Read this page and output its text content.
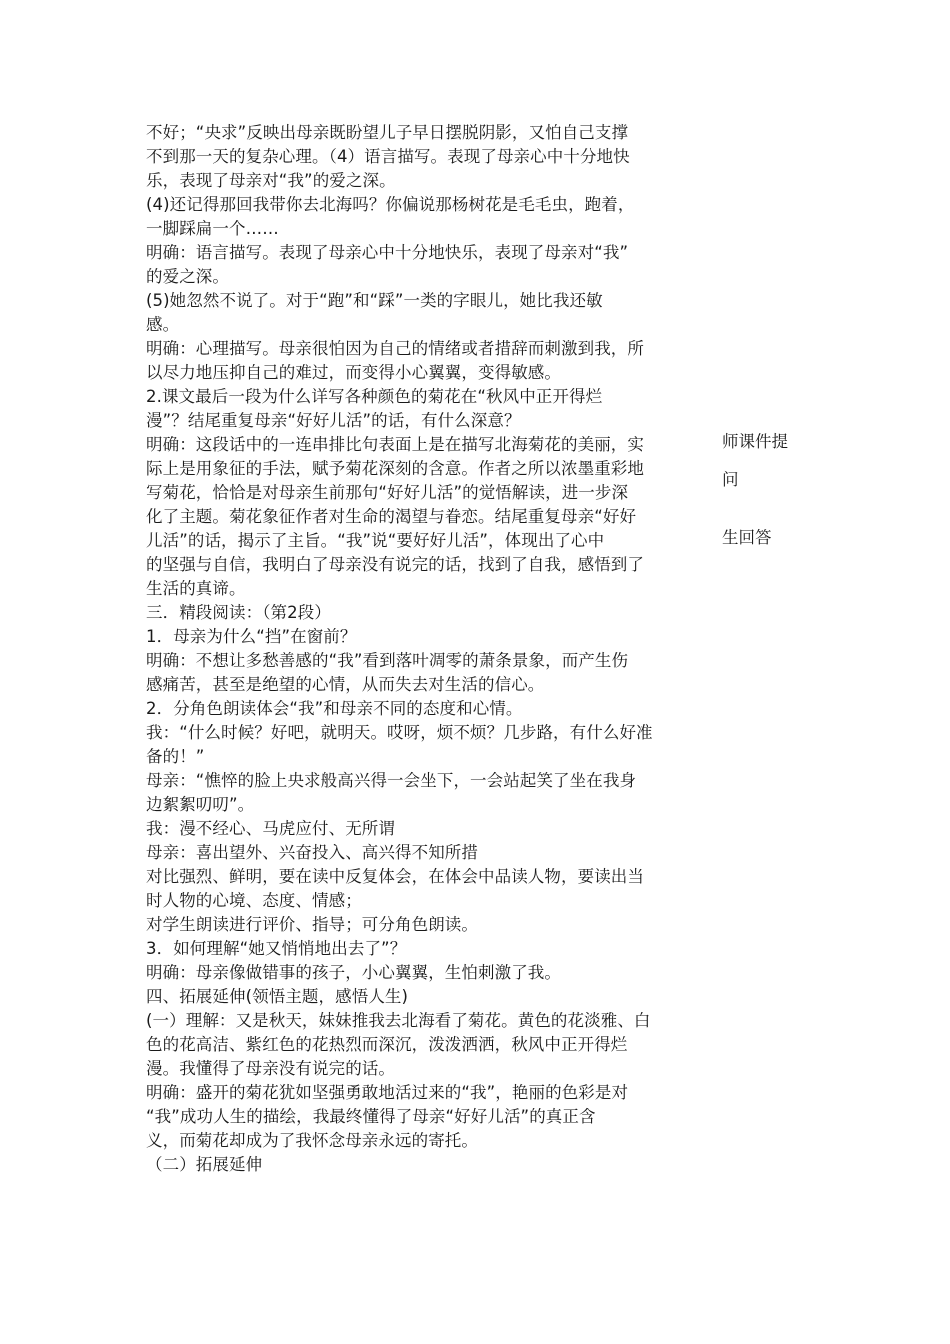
不好；“央求”反映出母亲既盼望儿子早日摆脱阴影，又怕自己支撑
不到那一天的复杂心理。（4）语言描写。表现了母亲心中十分地快
乐，表现了母亲对“我”的爱之深。
(4)还记得那回我带你去北海吗？你偏说那杨树花是毛毛虫，跑着，
一脚踩扁一个……
明确：语言描写。表现了母亲心中十分地快乐，表现了母亲对“我”
的爱之深。
(5)她忽然不说了。对于“跑”和“踩”一类的字眼儿，她比我还敏
感。
明确：心理描写。母亲很怕因为自己的情绪或者措辞而刺激到我，所
以尽力地压抑自己的难过，而变得小心翼翼，变得敏感。
2.课文最后一段为什么详写各种颜色的菊花在“秋风中正开得烂
漫”？结尾重复母亲“好好儿活”的话，有什么深意？
明确：这段话中的一连串排比句表面上是在描写北海菊花的美丽，实
际上是用象征的手法，赋予菊花深刻的含意。作者之所以浓墨重彩地
写菊花，恰恰是对母亲生前那句“好好儿活”的觉悟解读，进一步深
化了主题。菊花象征作者对生命的渴望与眷恋。结尾重复母亲“好好
儿活”的话，揭示了主旨。“我”说“要好好儿活”，体现出了心中
的坚强与自信，我明白了母亲没有说完的话，找到了自我，感悟到了
生活的真谛。
三．精段阅读：（第2段）
1．母亲为什么“挡”在窗前？
明确：不想让多愁善感的“我”看到落叶凋零的萧条景象，而产生伤
感痛苦，甚至是绝望的心情，从而失去对生活的信心。
2．分角色朗读体会“我”和母亲不同的态度和心情。
我：“什么时候？好吧，就明天。哎呀，烦不烦？几步路，有什么好准
备的！”
母亲：“憔悴的脸上央求般高兴得一会坐下，一会站起笑了坐在我身
边絮絮叨叨”。
我：漫不经心、马虎应付、无所谓
母亲：喜出望外、兴奋投入、高兴得不知所措
对比强烈、鲜明，要在读中反复体会，在体会中品读人物，要读出当
时人物的心境、态度、情感；
对学生朗读进行评价、指导；可分角色朗读。
3．如何理解“她又悄悄地出去了”？
明确：母亲像做错事的孩子，小心翼翼，生怕刺激了我。
四、拓展延伸(领悟主题，感悟人生)
(一）理解：又是秋天，妹妹推我去北海看了菊花。黄色的花淡雅、白
色的花高洁、紫红色的花热烈而深沉，泼泼洒洒，秋风中正开得烂
漫。我懂得了母亲没有说完的话。
明确：盛开的菊花犹如坚强勇敢地活过来的“我”，艳丽的色彩是对
“我”成功人生的描绘，我最终懂得了母亲“好好儿活”的真正含
义，而菊花却成为了我怀念母亲永远的寄托。
（二）拓展延伸
师课件提
问
生回答
